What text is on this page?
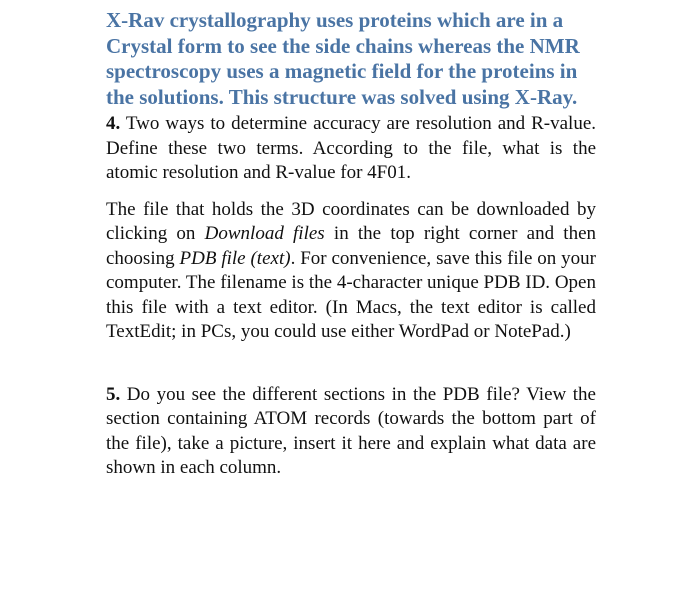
X-Rav crystallography uses proteins which are in a Crystal form to see the side chains whereas the NMR spectroscopy uses a magnetic field for the proteins in the solutions. This structure was solved using X-Ray.

4. Two ways to determine accuracy are resolution and R-value. Define these two terms. According to the file, what is the atomic resolution and R-value for 4F01.

The file that holds the 3D coordinates can be downloaded by clicking on Download files in the top right corner and then choosing PDB file (text). For convenience, save this file on your computer. The filename is the 4-character unique PDB ID. Open this file with a text editor. (In Macs, the text editor is called TextEdit; in PCs, you could use either WordPad or NotePad.)

5. Do you see the different sections in the PDB file? View the section containing ATOM records (towards the bottom part of the file), take a picture, insert it here and explain what data are shown in each column.
